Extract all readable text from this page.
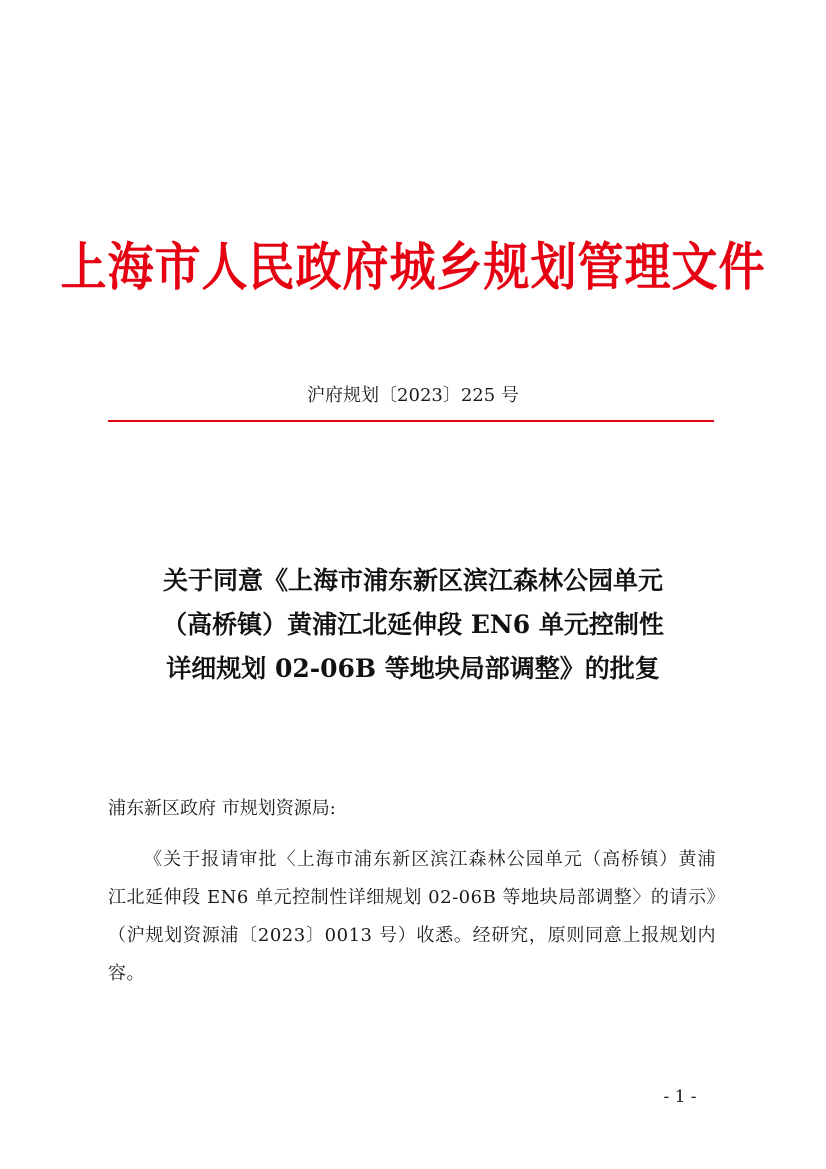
上海市人民政府城乡规划管理文件
沪府规划〔2023〕225 号
关于同意《上海市浦东新区滨江森林公园单元（高桥镇）黄浦江北延伸段 EN6 单元控制性详细规划 02-06B 等地块局部调整》的批复
浦东新区政府 市规划资源局:
《关于报请审批〈上海市浦东新区滨江森林公园单元（高桥镇）黄浦江北延伸段 EN6 单元控制性详细规划 02-06B 等地块局部调整〉的请示》（沪规划资源浦〔2023〕0013 号）收悉。经研究，原则同意上报规划内容。
- 1 -
